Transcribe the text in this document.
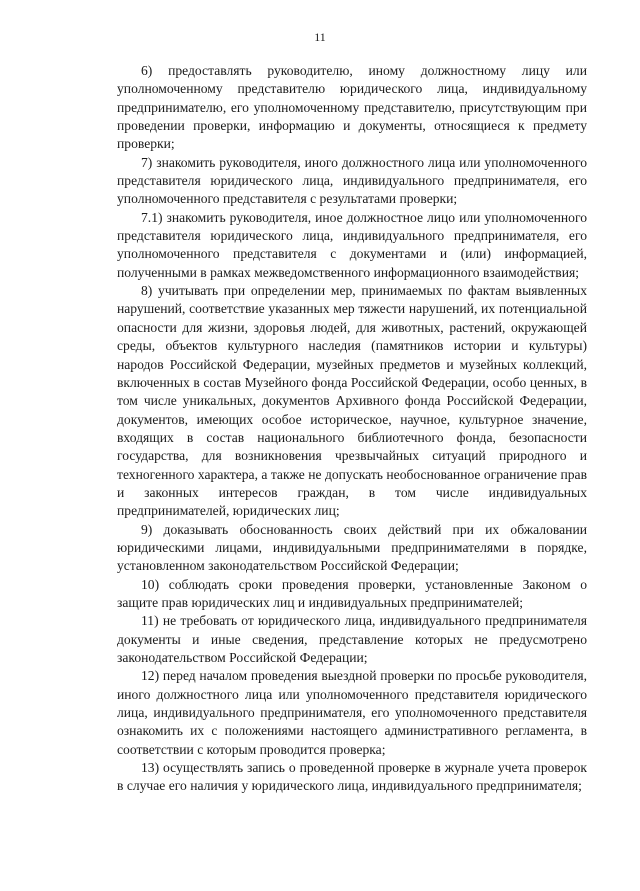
11

6) предоставлять руководителю, иному должностному лицу или уполномоченному представителю юридического лица, индивидуальному предпринимателю, его уполномоченному представителю, присутствующим при проведении проверки, информацию и документы, относящиеся к предмету проверки;

7) знакомить руководителя, иного должностного лица или уполномоченного представителя юридического лица, индивидуального предпринимателя, его уполномоченного представителя с результатами проверки;

7.1) знакомить руководителя, иное должностное лицо или уполномоченного представителя юридического лица, индивидуального предпринимателя, его уполномоченного представителя с документами и (или) информацией, полученными в рамках межведомственного информационного взаимодействия;

8) учитывать при определении мер, принимаемых по фактам выявленных нарушений, соответствие указанных мер тяжести нарушений, их потенциальной опасности для жизни, здоровья людей, для животных, растений, окружающей среды, объектов культурного наследия (памятников истории и культуры) народов Российской Федерации, музейных предметов и музейных коллекций, включенных в состав Музейного фонда Российской Федерации, особо ценных, в том числе уникальных, документов Архивного фонда Российской Федерации, документов, имеющих особое историческое, научное, культурное значение, входящих в состав национального библиотечного фонда, безопасности государства, для возникновения чрезвычайных ситуаций природного и техногенного характера, а также не допускать необоснованное ограничение прав и законных интересов граждан, в том числе индивидуальных предпринимателей, юридических лиц;

9) доказывать обоснованность своих действий при их обжаловании юридическими лицами, индивидуальными предпринимателями в порядке, установленном законодательством Российской Федерации;

10) соблюдать сроки проведения проверки, установленные Законом о защите прав юридических лиц и индивидуальных предпринимателей;

11) не требовать от юридического лица, индивидуального предпринимателя документы и иные сведения, представление которых не предусмотрено законодательством Российской Федерации;

12) перед началом проведения выездной проверки по просьбе руководителя, иного должностного лица или уполномоченного представителя юридического лица, индивидуального предпринимателя, его уполномоченного представителя ознакомить их с положениями настоящего административного регламента, в соответствии с которым проводится проверка;

13) осуществлять запись о проведенной проверке в журнале учета проверок в случае его наличия у юридического лица, индивидуального предпринимателя;
